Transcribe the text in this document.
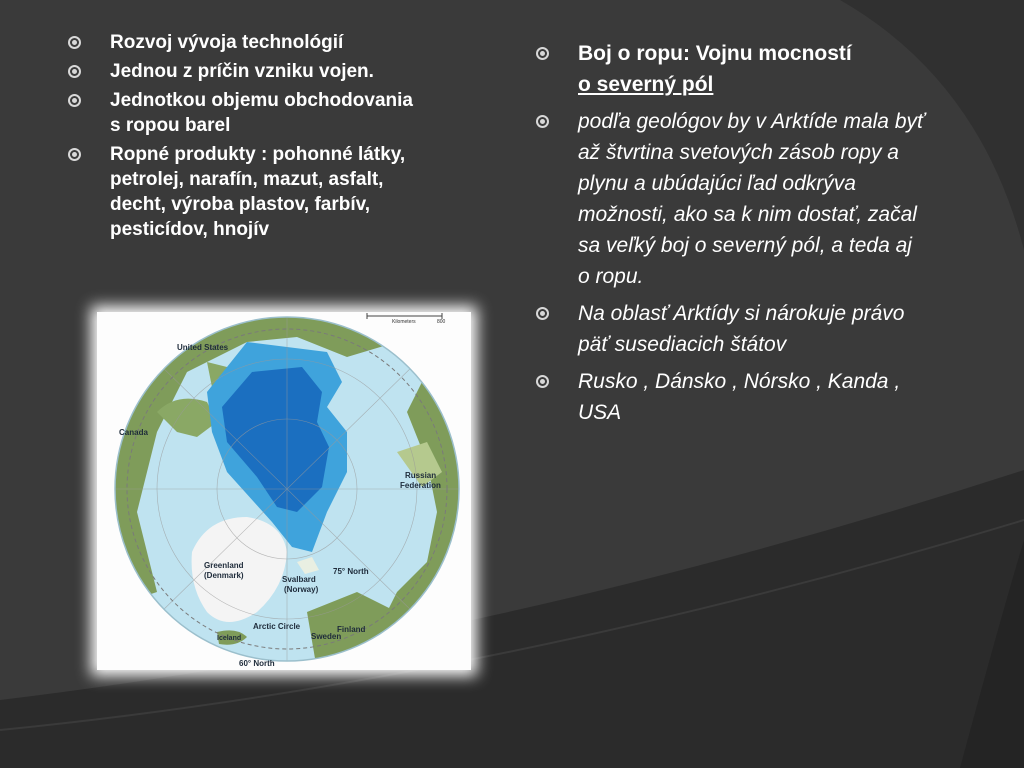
Rozvoj vývoja technológií
Jednou z príčin vzniku vojen.
Jednotkou objemu obchodovania s ropou barel
Ropné produkty : pohonné látky, petrolej, narafín, mazut, asfalt, decht, výroba plastov, farbív, pesticídov, hnojív
United States
Canada
Russian
Federation
Greenland
(Denmark)	Svalbard
(Norway)
75° North
Arctic Circle
Iceland
Finland
Sweden
60° North
Kilometers	800
Boj o ropu: Vojnu mocností
o severný pól
podľa geológov by v Arktíde mala byť až štvrtina svetových zásob ropy a plynu a ubúdajúci ľad odkrýva možnosti, ako sa k nim dostať, začal sa veľký boj o severný pól, a teda aj o ropu.
Na oblasť Arktídy si nárokuje právo päť susediacich štátov
Rusko , Dánsko , Nórsko , Kanda , USA
